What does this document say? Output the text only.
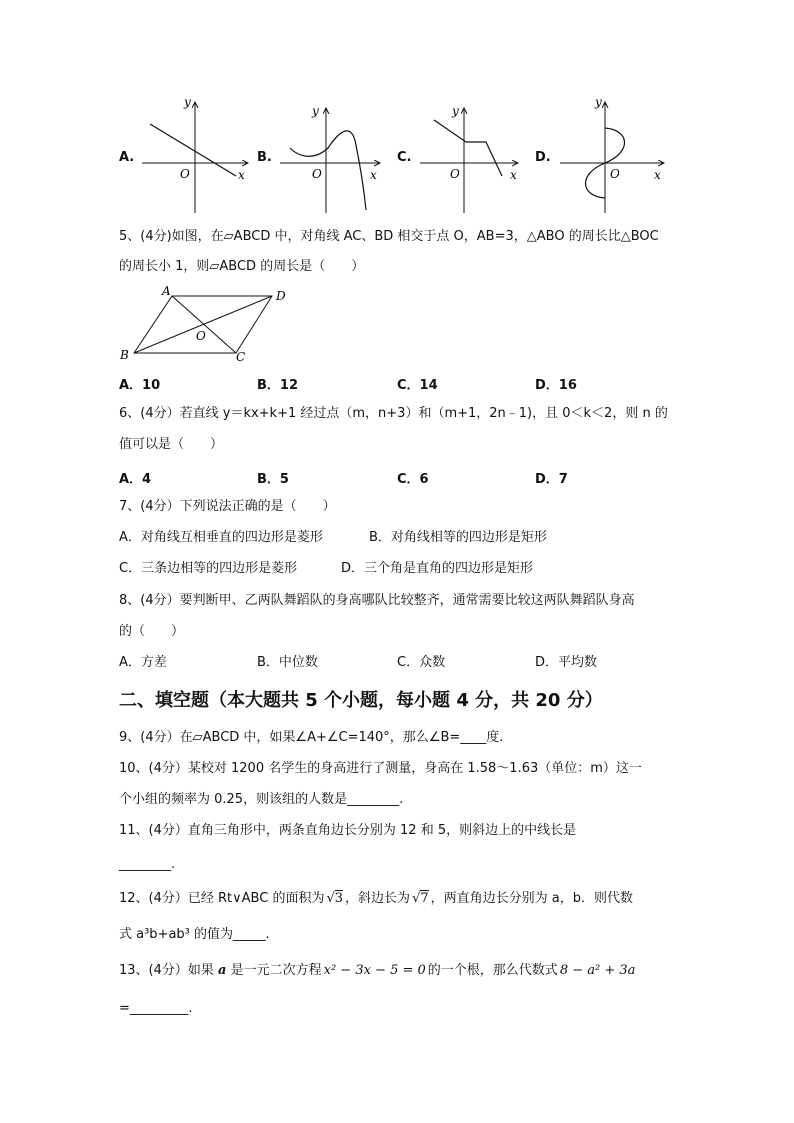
A.	B.	C.	D.
y
x
O
y
x
O
y
x
O
y
x
O
5、(4分)如图，在▱ABCD 中，对角线 AC、BD 相交于点 O，AB=3，△ABO 的周长比△BOC
的周长小 1，则▱ABCD 的周长是（　　）
A	D
B	C
O
A．10	B．12	C．14	D．16
6、(4分）若直线 y＝kx+k+1 经过点（m，n+3）和（m+1，2n﹣1)，且 0＜k＜2，则 n 的
值可以是（　　）
A．4	B．5	C．6	D．7
7、(4分）下列说法正确的是（　　）
A．对角线互相垂直的四边形是菱形	B．对角线相等的四边形是矩形
C．三条边相等的四边形是菱形	D．三个角是直角的四边形是矩形
8、(4分）要判断甲、乙两队舞蹈队的身高哪队比较整齐，通常需要比较这两队舞蹈队身高
的（　　）
A．方差	B．中位数	C．众数	D．平均数
二、填空题（本大题共 5 个小题，每小题 4 分，共 20 分）
9、(4分）在▱ABCD 中，如果∠A+∠C=140°，那么∠B=____度.
10、(4分）某校对 1200 名学生的身高进行了测量，身高在 1.58～1.63（单位：m）这一
个小组的频率为 0.25，则该组的人数是________.
11、(4分）直角三角形中，两条直角边长分别为 12 和 5，则斜边上的中线长是
________.
12、(4分）已经 Rt∨ABC 的面积为 √3 ，斜边长为 √7 ，两直角边长分别为 a，b．则代数
式 a³b+ab³ 的值为_____.
13、(4分）如果 a 是一元二次方程 x² − 3x − 5 = 0 的一个根，那么代数式 8 − a² + 3a
=_________.
